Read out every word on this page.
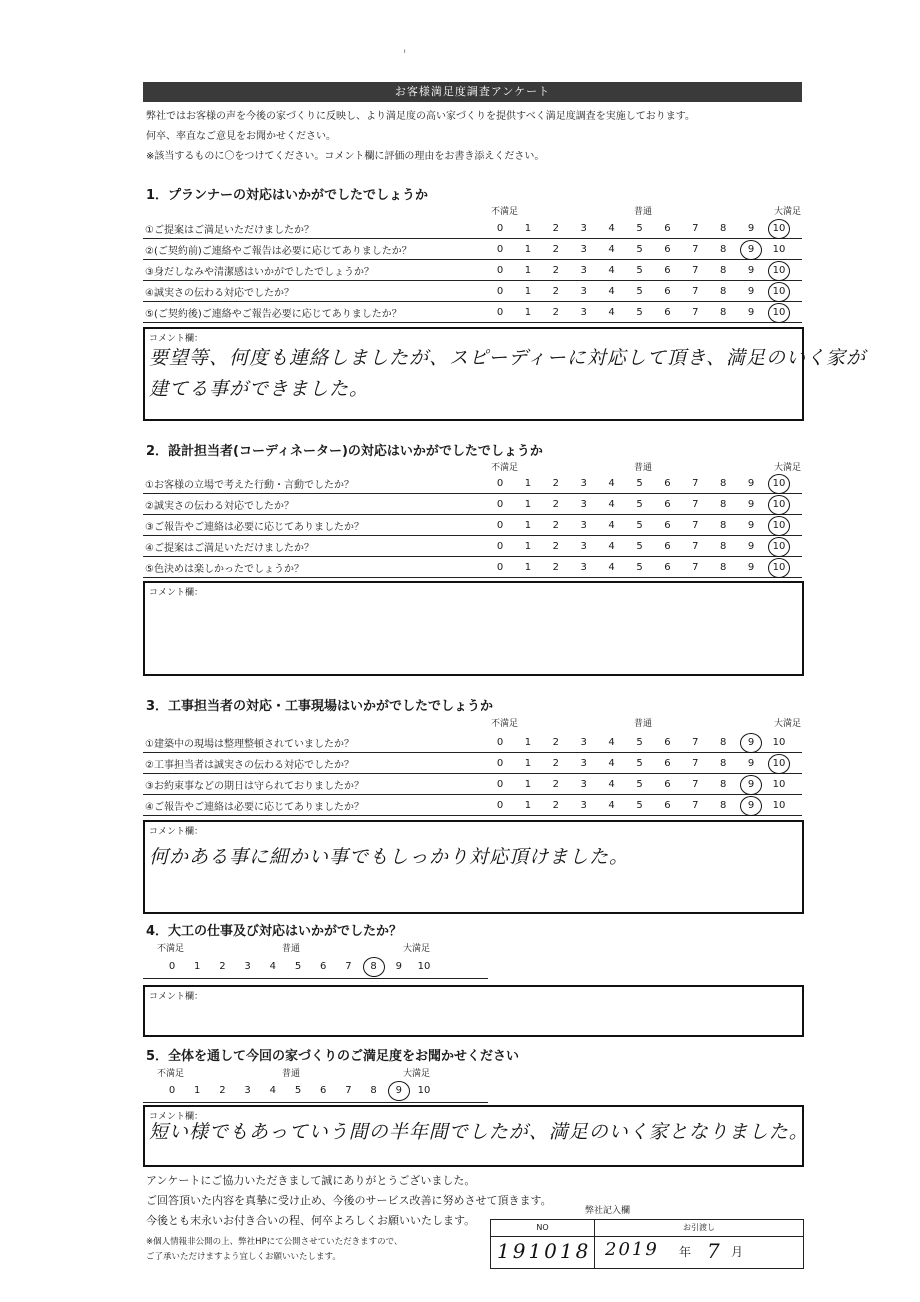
ᵢ
お客様満足度調査アンケート
弊社ではお客様の声を今後の家づくりに反映し、より満足度の高い家づくりを提供すべく満足度調査を実施しております。
何卒、率直なご意見をお聞かせください。
※該当するものに〇をつけてください。コメント欄に評価の理由をお書き添えください。
1．プランナーの対応はいかがでしたでしょうか
不満足	普通	大満足
①ご提案はご満足いただけましたか？	0	1	2	3	4	5	6	7	8	9	10
②(ご契約前)ご連絡やご報告は必要に応じてありましたか？	0	1	2	3	4	5	6	7	8	9	10
③身だしなみや清潔感はいかがでしたでしょうか？	0	1	2	3	4	5	6	7	8	9	10
④誠実さの伝わる対応でしたか？	0	1	2	3	4	5	6	7	8	9	10
⑤(ご契約後)ご連絡やご報告必要に応じてありましたか？	0	1	2	3	4	5	6	7	8	9	10
コメント欄：
要望等、何度も連絡しましたが、スピーディーに対応して頂き、満足のいく家が
建てる事ができました。
2．設計担当者(コーディネーター)の対応はいかがでしたでしょうか
不満足	普通	大満足
①お客様の立場で考えた行動・言動でしたか？	0	1	2	3	4	5	6	7	8	9	10
②誠実さの伝わる対応でしたか？	0	1	2	3	4	5	6	7	8	9	10
③ご報告やご連絡は必要に応じてありましたか？	0	1	2	3	4	5	6	7	8	9	10
④ご提案はご満足いただけましたか？	0	1	2	3	4	5	6	7	8	9	10
⑤色決めは楽しかったでしょうか？	0	1	2	3	4	5	6	7	8	9	10
コメント欄：
3．工事担当者の対応・工事現場はいかがでしたでしょうか
不満足	普通	大満足
①建築中の現場は整理整頓されていましたか？	0	1	2	3	4	5	6	7	8	9	10
②工事担当者は誠実さの伝わる対応でしたか？	0	1	2	3	4	5	6	7	8	9	10
③お約束事などの期日は守られておりましたか？	0	1	2	3	4	5	6	7	8	9	10
④ご報告やご連絡は必要に応じてありましたか？	0	1	2	3	4	5	6	7	8	9	10
コメント欄：
何かある事に細かい事でもしっかり対応頂けました。
4．大工の仕事及び対応はいかがでしたか？
不満足	普通	大満足
0	1	2	3	4	5	6	7	8	9	10
コメント欄：
5．全体を通して今回の家づくりのご満足度をお聞かせください
不満足	普通	大満足
0	1	2	3	4	5	6	7	8	9	10
コメント欄：
短い様でもあっていう間の半年間でしたが、満足のいく家となりました。
アンケートにご協力いただきまして誠にありがとうございました。
ご回答頂いた内容を真摯に受け止め、今後のサービス改善に努めさせて頂きます。
今後とも末永いお付き合いの程、何卒よろしくお願いいたします。
※個人情報非公開の上、弊社HPにて公開させていただきますので、
ご了承いただけますよう宜しくお願いいたします。
弊社記入欄
NO	お引渡し
191018 2019 年 7 月
